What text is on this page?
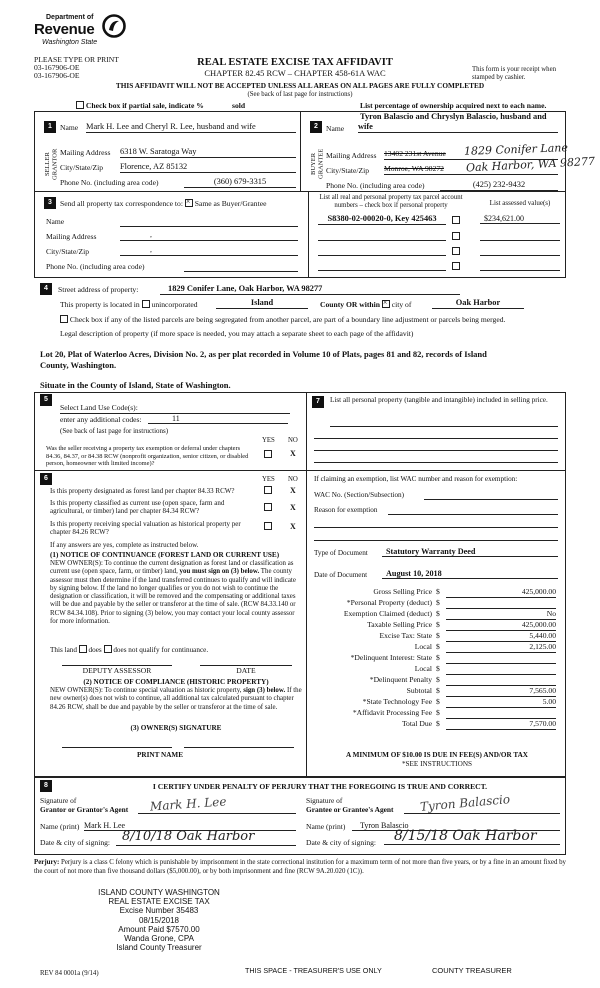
Department of
Revenue
Washington State
PLEASE TYPE OR PRINT
03-167906-OE
03-167906-OE
REAL ESTATE EXCISE TAX AFFIDAVIT
CHAPTER 82.45 RCW – CHAPTER 458-61A WAC	This form is your receipt when stamped by cashier.
THIS AFFIDAVIT WILL NOT BE ACCEPTED UNLESS ALL AREAS ON ALL PAGES ARE FULLY COMPLETED
(See back of last page for instructions)
Check box if partial sale, indicate %	sold	List percentage of ownership acquired next to each name.
1	Name Mark H. Lee and Cheryl R. Lee, husband and wife
SELLER GRANTOR Mailing Address 6318 W. Saratoga Way
City/State/Zip Florence, AZ 85132
Phone No. (including area code)	(360) 679-3315
Tyron Balascio and Chryslyn Balascio, husband and
2	Name wife
BUYER GRANTEE Mailing Address 13402 231st Avenue	1829 Conifer Lane
City/State/Zip Monroe, WA 98272	Oak Harbor, WA 98277
Phone No. (including area code)	(425) 232-9432
3	Send all property tax correspondence to: × Same as Buyer/Grantee
Name
Mailing Address	,
City/State/Zip	,
Phone No. (including area code)
List all real and personal property tax parcel account numbers – check box if personal property	List assessed value(s)
S8380-02-00020-0, Key 425463	$234,621.00
4	Street address of property:	1829 Conifer Lane, Oak Harbor, WA 98277
This property is located in unincorporated	Island	County OR within × city of	Oak Harbor
Check box if any of the listed parcels are being segregated from another parcel, are part of a boundary line adjustment or parcels being merged.
Legal description of property (if more space is needed, you may attach a separate sheet to each page of the affidavit)
Lot 20, Plat of Waterloo Acres, Division No. 2, as per plat recorded in Volume 10 of Plats, pages 81 and 82, records of Island
County, Washington.
Situate in the County of Island, State of Washington.
5
Select Land Use Code(s):
enter any additional codes:	11
(See back of last page for instructions)
YES NO
Was the seller receiving a property tax exemption or deferral under chapters 84.36, 84.37, or 84.38 RCW (nonprofit organization, senior citizen, or disabled person, homeowner with limited income)?
X
6	YES NO
Is this property designated as forest land per chapter 84.33 RCW?	X
Is this property classified as current use (open space, farm and agricultural, or timber) land per chapter 84.34 RCW?	X
Is this property receiving special valuation as historical property per chapter 84.26 RCW?
X
If any answers are yes, complete as instructed below.
(1) NOTICE OF CONTINUANCE (FOREST LAND OR CURRENT USE)
NEW OWNER(S): To continue the current designation as forest land or classification as current use (open space, farm, or timber) land, you must sign on (3) below. The county assessor must then determine if the land transferred continues to qualify and will indicate by signing below. If the land no longer qualifies or you do not wish to continue the designation or classification, it will be removed and the compensating or additional taxes will be due and payable by the seller or transferor at the time of sale. (RCW 84.33.140 or RCW 84.34.108). Prior to signing (3) below, you may contact your local county assessor for more information.
This land does does not qualify for continuance.
DEPUTY ASSESSOR	DATE
(2) NOTICE OF COMPLIANCE (HISTORIC PROPERTY)
NEW OWNER(S): To continue special valuation as historic property, sign (3) below. If the new owner(s) does not wish to continue, all additional tax calculated pursuant to chapter 84.26 RCW, shall be due and payable by the seller or transferor at the time of sale.
(3) OWNER(S) SIGNATURE
PRINT NAME
7	List all personal property (tangible and intangible) included in selling price.
If claiming an exemption, list WAC number and reason for exemption:
WAC No. (Section/Subsection)
Reason for exemption
Type of Document	Statutory Warranty Deed
Date of Document	August 10, 2018
Gross Selling Price $	425,000.00
*Personal Property (deduct) $
Exemption Claimed (deduct) $	No
Taxable Selling Price $	425,000.00
Excise Tax: State $	5,440.00
Local $	2,125.00
*Delinquent Interest: State $
Local $
*Delinquent Penalty $
Subtotal $	7,565.00
*State Technology Fee $	5.00
*Affidavit Processing Fee $
Total Due $	7,570.00
A MINIMUM OF $10.00 IS DUE IN FEE(S) AND/OR TAX
*SEE INSTRUCTIONS
8	I CERTIFY UNDER PENALTY OF PERJURY THAT THE FOREGOING IS TRUE AND CORRECT.
Signature of
Grantor or Grantor's Agent Mark H. Lee
Name (print) Mark H. Lee
Date & city of signing: 8/10/18 Oak Harbor
Signature of
Grantee or Grantee's Agent Tyron Balascio
Name (print)	Tyron Balascio
Date & city of signing:	8/15/18 Oak Harbor
Perjury: Perjury is a class C felony which is punishable by imprisonment in the state correctional institution for a maximum term of not more than five years, or by a fine in an amount fixed by the court of not more than five thousand dollars ($5,000.00), or by both imprisonment and fine (RCW 9A.20.020 (1C)).
ISLAND COUNTY WASHINGTON
REAL ESTATE EXCISE TAX
Excise Number 35483
08/15/2018
Amount Paid $7570.00
Wanda Grone, CPA
Island County Treasurer
REV 84 0001a (9/14)	THIS SPACE - TREASURER'S USE ONLY	COUNTY TREASURER
